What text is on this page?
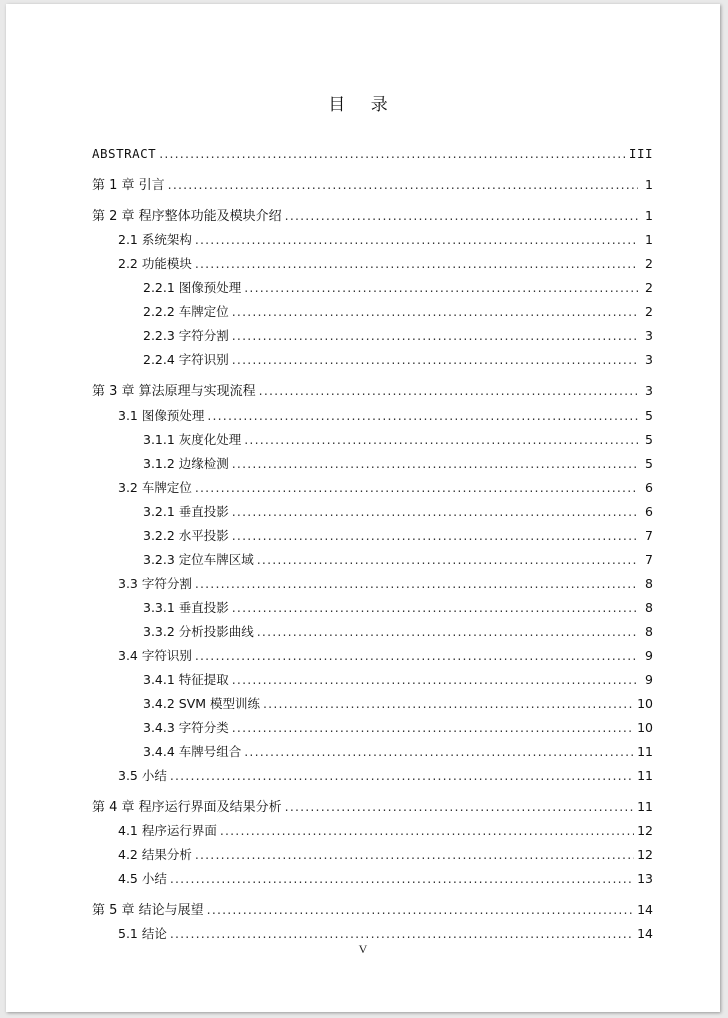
目 录
ABSTRACT . . .	III
第 1 章 引言 . . .	1
第 2 章 程序整体功能及模块介绍 . . .	1
2.1 系统架构 . . .	1
2.2 功能模块 . . .	2
2.2.1 图像预处理 . . .	2
2.2.2 车牌定位 . . .	2
2.2.3 字符分割 . . .	3
2.2.4 字符识别 . . .	3
第 3 章 算法原理与实现流程 . . .	3
3.1 图像预处理 . . .	5
3.1.1 灰度化处理 . . .	5
3.1.2 边缘检测 . . .	5
3.2 车牌定位 . . .	6
3.2.1 垂直投影 . . .	6
3.2.2 水平投影 . . .	7
3.2.3 定位车牌区域 . . .	7
3.3 字符分割 . . .	8
3.3.1 垂直投影 . . .	8
3.3.2 分析投影曲线 . . .	8
3.4 字符识别 . . .	9
3.4.1 特征提取 . . .	9
3.4.2 SVM 模型训练 . . .	10
3.4.3 字符分类 . . .	10
3.4.4 车牌号组合 . . .	11
3.5 小结 . . .	11
第 4 章 程序运行界面及结果分析 . . .	11
4.1 程序运行界面 . . .	12
4.2 结果分析 . . .	12
4.5 小结 . . .	13
第 5 章 结论与展望 . . .	14
5.1 结论 . . .	14
V
